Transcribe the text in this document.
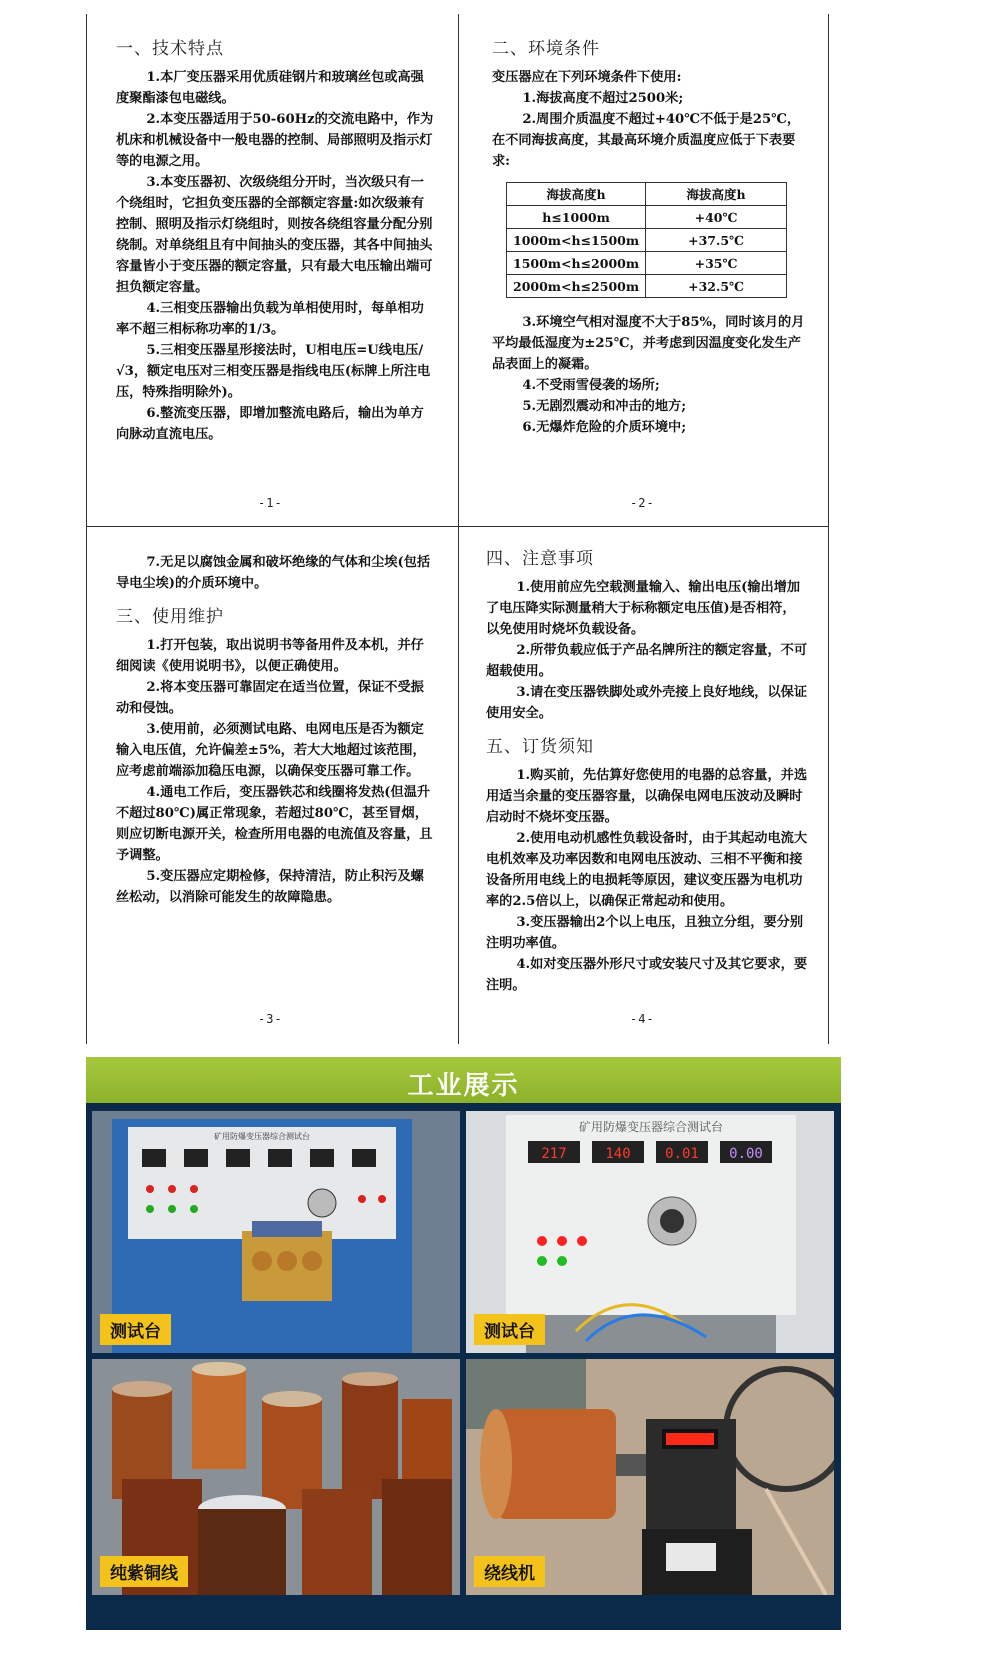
一、技术特点

1.本厂变压器采用优质硅钢片和玻璃丝包或高强度聚酯漆包电磁线。

2.本变压器适用于50-60Hz的交流电路中，作为机床和机械设备中一般电器的控制、局部照明及指示灯等的电源之用。

3.本变压器初、次级绕组分开时，当次级只有一个绕组时，它担负变压器的全部额定容量:如次级兼有控制、照明及指示灯绕组时，则按各绕组容量分配分别绕制。对单绕组且有中间抽头的变压器，其各中间抽头容量皆小于变压器的额定容量，只有最大电压输出端可担负额定容量。

4.三相变压器输出负载为单相使用时，每单相功率不超三相标称功率的1/3。

5.三相变压器星形接法时，U相电压=U线电压/√3，额定电压对三相变压器是指线电压(标牌上所注电压，特殊指明除外)。

6.整流变压器，即增加整流电路后，输出为单方向脉动直流电压。

-1-
二、环境条件

变压器应在下列环境条件下使用:

1.海拔高度不超过2500米;

2.周围介质温度不超过+40℃不低于是25℃，在不同海拔高度，其最高环境介质温度应低于下表要求:

海拔高度h	海拔高度h
h≤1000m	+40℃
1000m<h≤1500m	+37.5℃
1500m<h≤2000m	+35℃
2000m<h≤2500m	+32.5℃

3.环境空气相对湿度不大于85%，同时该月的月平均最低湿度为±25℃，并考虑到因温度变化发生产品表面上的凝霜。

4.不受雨雪侵袭的场所;

5.无剧烈震动和冲击的地方;

6.无爆炸危险的介质环境中;

-2-

7.无足以腐蚀金属和破坏绝缘的气体和尘埃(包括导电尘埃)的介质环境中。

三、使用维护

1.打开包装，取出说明书等备用件及本机，并仔细阅读《使用说明书》，以便正确使用。

2.将本变压器可靠固定在适当位置，保证不受振动和侵蚀。

3.使用前，必须测试电路、电网电压是否为额定输入电压值，允许偏差±5%，若大大地超过该范围，应考虑前端添加稳压电源，以确保变压器可靠工作。

4.通电工作后，变压器铁芯和线圈将发热(但温升不超过80℃)属正常现象，若超过80℃，甚至冒烟，则应切断电源开关，检查所用电器的电流值及容量，且予调整。

5.变压器应定期检修，保持清洁，防止积污及螺丝松动，以消除可能发生的故障隐患。

-3-
四、注意事项

1.使用前应先空载测量输入、输出电压(输出增加了电压降实际测量稍大于标称额定电压值)是否相符，以免使用时烧坏负载设备。

2.所带负载应低于产品名牌所注的额定容量，不可超载使用。

3.请在变压器铁脚处或外壳接上良好地线，以保证使用安全。

五、订货须知

1.购买前，先估算好您使用的电器的总容量，并选用适当余量的变压器容量，以确保电网电压波动及瞬时启动时不烧坏变压器。

2.使用电动机感性负载设备时，由于其起动电流大电机效率及功率因数和电网电压波动、三相不平衡和接设备所用电线上的电损耗等原因，建议变压器为电机功率的2.5倍以上，以确保正常起动和使用。

3.变压器输出2个以上电压，且独立分组，要分别注明功率值。

4.如对变压器外形尺寸或安装尺寸及其它要求，要注明。

-4-
工业展示
矿用防爆变压器综合测试台
测试台
矿用防爆变压器综合测试台
217	140 0.01 0.00
测试台
纯紫铜线	绕线机
